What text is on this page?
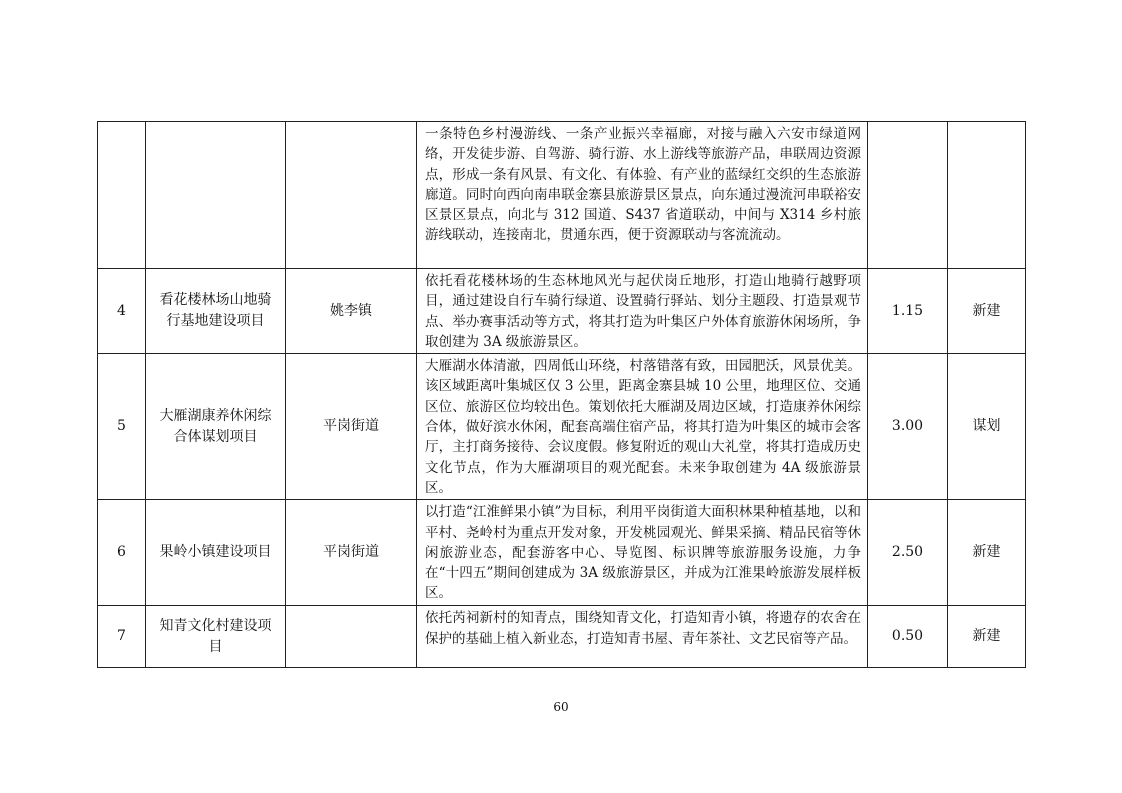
			一条特色乡村漫游线、一条产业振兴幸福廊，对接与融入六安市绿道网络，开发徒步游、自驾游、骑行游、水上游线等旅游产品，串联周边资源点，形成一条有风景、有文化、有体验、有产业的蓝绿红交织的生态旅游廊道。同时向西向南串联金寨县旅游景区景点，向东通过漫流河串联裕安区景区景点，向北与 312 国道、S437 省道联动，中间与 X314 乡村旅游线联动，连接南北，贯通东西，便于资源联动与客流流动。		
4	看花楼林场山地骑行基地建设项目	姚李镇	依托看花楼林场的生态林地风光与起伏岗丘地形，打造山地骑行越野项目，通过建设自行车骑行绿道、设置骑行驿站、划分主题段、打造景观节点、举办赛事活动等方式，将其打造为叶集区户外体育旅游休闲场所，争取创建为 3A 级旅游景区。	1.15	新建
5	大雁湖康养休闲综合体谋划项目	平岗街道	大雁湖水体清澈，四周低山环绕，村落错落有致，田园肥沃，风景优美。该区域距离叶集城区仅 3 公里，距离金寨县城 10 公里，地理区位、交通区位、旅游区位均较出色。策划依托大雁湖及周边区域，打造康养休闲综合体，做好滨水休闲，配套高端住宿产品，将其打造为叶集区的城市会客厅，主打商务接待、会议度假。修复附近的观山大礼堂，将其打造成历史文化节点，作为大雁湖项目的观光配套。未来争取创建为 4A 级旅游景区。	3.00	谋划
6	果岭小镇建设项目	平岗街道	以打造“江淮鲜果小镇”为目标，利用平岗街道大面积林果种植基地，以和平村、尧岭村为重点开发对象，开发桃园观光、鲜果采摘、精品民宿等休闲旅游业态，配套游客中心、导览图、标识牌等旅游服务设施，力争在“十四五”期间创建成为 3A 级旅游景区，并成为江淮果岭旅游发展样板区。	2.50	新建
7	知青文化村建设项目		依托芮祠新村的知青点，围绕知青文化，打造知青小镇，将遗存的农舍在保护的基础上植入新业态，打造知青书屋、青年茶社、文艺民宿等产品。	0.50	新建
60
